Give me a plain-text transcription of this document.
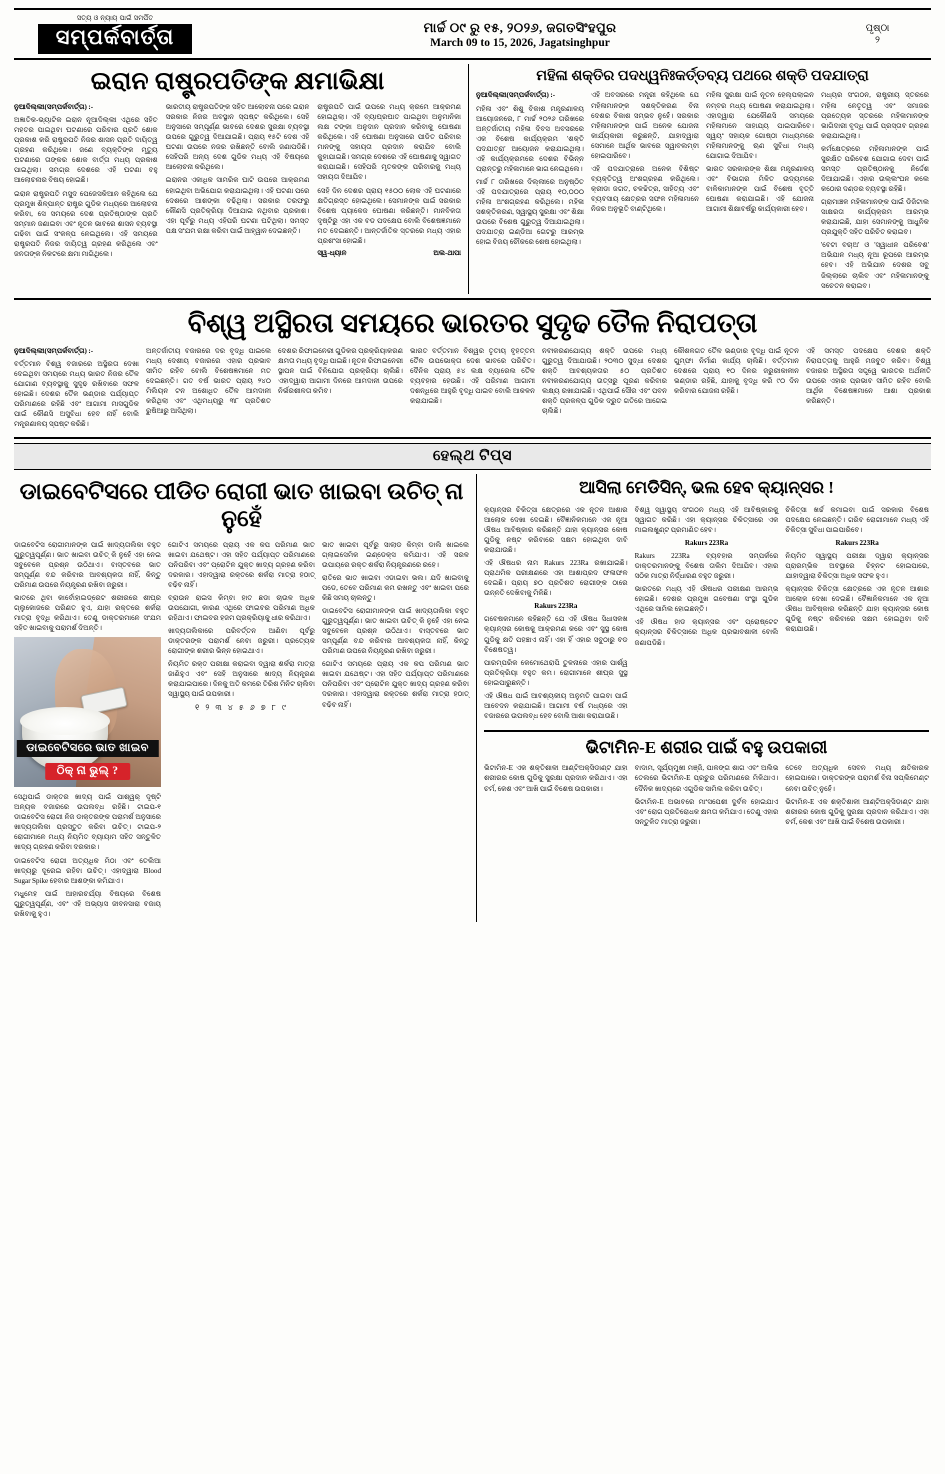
ସତ୍ୟ ଓ ନ୍ୟାୟ ପାଇଁ ସମର୍ପିତ
ସମ୍ପର୍କବାର୍ତ୍ତା	ମାର୍ଚ୍ଚ ୦୯ ରୁ ୧୫, ୨୦୨୬, ଜଗତସିଂହପୁର
March 09 to 15, 2026, Jagatsinghpur
ପୃଷ୍ଠା
୨
ଇରାନ ରାଷ୍ଟ୍ରପତିଙ୍କ କ୍ଷମାଭିକ୍ଷା

ନୁଆଦିଲ୍ଲୀ(ସମ୍ପର୍କବାର୍ତ୍ତା) :-

ଅଜ୍ଞାତିକ-ଭ୍ୟାଟିକ ଇରାନ ନୂଆଦିଲ୍ଲୀ ଏଥିରେ ସହିତ ମହତର ପାଇଥିବା ଘଟଣାରେ ପରିବାର ପ୍ରତି ଶୋକ ପ୍ରକାଶ କରି ରାଷ୍ଟ୍ରପତି ନିଜର ଶାସନ ପ୍ରତି ଦାୟିତ୍ୱ ଗ୍ରହଣ କରିଥିଲେ। ଜଣେ ବ୍ୟକ୍ତିଙ୍କ ମୃତ୍ୟୁ ଘଟଣାରେ ତାଙ୍କର ଶୋକ ବାର୍ତ୍ତା ମଧ୍ୟ ପ୍ରକାଶ ପାଇଥିଲା। ସମଗ୍ର ଦେଶରେ ଏହି ଘଟଣା ବହୁ ଆଲୋଚନାର ବିଷୟ ହୋଇଛି।

ଇରାନ ରାଷ୍ଟ୍ରପତି ମସୁଦ ପେଜେସକିଆନ କହିଥିଲେ ଯେ ପ୍ରମୁଖ ଶିଳ୍ପାନ୍ତ ରାଷ୍ଟ୍ର ଗୁଡିକ ମଧ୍ୟରେ ଆଲୋଚନା କରିବା, ସେ ସମୟରେ ଦେଶ ପ୍ରତିଷ୍ଠାଙ୍କ ପ୍ରତି ସମ୍ମାନ ଜଣାଇବା ଏବଂ ନୂତନ ଭାବରେ ଶାସନ ବ୍ୟବସ୍ଥା ଗଢିବା ପାଇଁ ସଂକଳ୍ପ ନେଇଥିଲେ। ଏହି ସମୟରେ ରାଷ୍ଟ୍ରପତି ନିଜର ଦାୟିତ୍ୱ ଗ୍ରହଣ କରିଥିଲେ ଏବଂ ଜନତାଙ୍କ ନିକଟରେ କ୍ଷମା ମାଗିଥିଲେ।

ଭାରତୀୟ ରାଷ୍ଟ୍ରପତିଙ୍କ ସହିତ ଆଲୋଚନା ପରେ ଇରାନ ସରକାର ନିଜର ଅବସ୍ଥାନ ସ୍ପଷ୍ଟ କରିଥିଲେ। ସେହି ଅନୁସାରେ ସମ୍ପୂର୍ଣ୍ଣ ଭାବରେ ଦେଶର ସୁରକ୍ଷା ବ୍ୟବସ୍ଥା ଉପରେ ଗୁରୁତ୍ୱ ଦିଆଯାଇଛି। ପ୍ରାୟ ୧୫ଟି ଦେଶ ଏହି ଘଟଣା ଉପରେ ନଜର ରଖିଛନ୍ତି ବୋଲି ଜଣାପଡିଛି। ସେହିପରି ଅନ୍ୟ ଦେଶ ଗୁଡିକ ମଧ୍ୟ ଏହି ବିଷୟରେ ଆଲୋଚନା କରିଥିଲେ।

ଇରାନର ଏକାଧିକ ସାମରିକ ଘାଟି ଉପରେ ଆକ୍ରମଣ ହୋଇଥିବା ଅଭିଯୋଗ କରାଯାଇଥିଲା। ଏହି ଘଟଣା ପରେ ଦେଶରେ ଆଶଙ୍କା ବଢିଥିଲା। ସରକାର ତରଫରୁ କୌଣସି ପ୍ରତିକ୍ରିୟା ଦିଆଯାଇ ନଥିବାର ପ୍ରକାଶ। ଏହା ପୂର୍ବରୁ ମଧ୍ୟ ଏହିପରି ଘଟଣା ଘଟିଥିଲା। ସମସ୍ତ ପକ୍ଷ ସଂଯମ ରକ୍ଷା କରିବା ପାଇଁ ଆହ୍ୱାନ ଦେଇଛନ୍ତି।

ରାଷ୍ଟ୍ରପତି ପାଇଁ ଉପରେ ମଧ୍ୟ କ୍ରମେ ଆକ୍ରମଣ ହୋଇଥିଲା। ଏହି ବ୍ୟାଘ୍ରଘାତ ପାଇଥିବା ଅନୁମାନିକା ଲକ୍ଷ ଟଙ୍କା ଅନୁଦାନ ପ୍ରଦାନ କରିବାକୁ ଘୋଷଣା କରିଥିଲେ। ଏହି ଘୋଷଣା ଅନୁସାରେ ପୀଡିତ ପରିବାର ମାନଙ୍କୁ ସହାୟତା ପ୍ରଦାନ କରାଯିବ ବୋଲି କୁହାଯାଇଛି। ସମଗ୍ର ଦେଶରେ ଏହି ଘୋଷଣାକୁ ସ୍ୱାଗତ କରାଯାଇଛି। ସେହିପରି ମୃତକଙ୍କ ପରିବାରକୁ ମଧ୍ୟ ସହାୟତା ଦିଆଯିବ।

ସେହି ଦିନ ଦେଶର ପ୍ରାୟ ୧୫୦୦ ଲୋକ ଏହି ଘଟଣାରେ କ୍ଷତିଗ୍ରସ୍ତ ହୋଇଥିଲେ। ସେମାନଙ୍କ ପାଇଁ ସରକାର ବିଶେଷ ପ୍ୟାକେଜ ଘୋଷଣା କରିଛନ୍ତି। ମାନବିକତା ଦୃଷ୍ଟିରୁ ଏହା ଏକ ବଡ ପଦକ୍ଷେପ ବୋଲି ବିଶେଷଜ୍ଞମାନେ ମତ ଦେଇଛନ୍ତି। ଆନ୍ତର୍ଜାତିକ ସ୍ତରରେ ମଧ୍ୟ ଏହାର ପ୍ରଶଂସା ହୋଇଛି।

ସ୍ୱ-ଧ୍ୟାନ	ଅଲ-ଥାପା
ମହିଳା ଶକ୍ତିର ପଦଧ୍ୱନିଃକର୍ତ୍ତବ୍ୟ ପଥରେ ଶକ୍ତି ପଦଯାତ୍ରା

ନୁଆଦିଲ୍ଲୀ(ସମ୍ପର୍କବାର୍ତ୍ତା) :-

ମହିଳା ଏବଂ ଶିଶୁ ବିକାଶ ମନ୍ତ୍ରଣାଳୟ ଆୟୋଜନରେ, ୮ ମାର୍ଚ୍ଚ ୨୦୨୬ ତାରିଖରେ ଅନ୍ତର୍ଜାତୀୟ ମହିଳା ଦିବସ ଅବସରରେ ଏକ ବିଶେଷ କାର୍ଯ୍ୟକ୍ରମ 'ଶକ୍ତି ପଦଯାତ୍ରା' ଆୟୋଜନ କରାଯାଇଥିଲା। ଏହି କାର୍ଯ୍ୟକ୍ରମରେ ଦେଶର ବିଭିନ୍ନ ପ୍ରାନ୍ତରୁ ମହିଳାମାନେ ଭାଗ ନେଇଥିଲେ।

ମାର୍ଚ୍ଚ ୮ ତାରିଖରେ ଦିଲ୍ଲୀରେ ଅନୁଷ୍ଠିତ ଏହି ପଦଯାତ୍ରାରେ ପ୍ରାୟ ୧୦,୦୦୦ ମହିଳା ଅଂଶଗ୍ରହଣ କରିଥିଲେ। ମହିଳା ସଶକ୍ତିକରଣ, ସ୍ୱାସ୍ଥ୍ୟ ସୁରକ୍ଷା ଏବଂ ଶିକ୍ଷା ଉପରେ ବିଶେଷ ଗୁରୁତ୍ୱ ଦିଆଯାଇଥିଲା। ପଦଯାତ୍ରା ଇଣ୍ଡିଆ ଗେଟରୁ ଆରମ୍ଭ ହୋଇ ବିଜୟ ଚୌକରେ ଶେଷ ହୋଇଥିଲା।

ଏହି ଅବସରରେ ମନ୍ତ୍ରୀ କହିଥିଲେ ଯେ ମହିଳାମାନଙ୍କ ସଶକ୍ତିକରଣ ବିନା ଦେଶର ବିକାଶ ସମ୍ଭବ ନୁହେଁ। ସରକାର ମହିଳାମାନଙ୍କ ପାଇଁ ଅନେକ ଯୋଜନା କାର୍ଯ୍ୟକାରୀ କରୁଛନ୍ତି, ଯାହାଦ୍ୱାରା ସେମାନେ ଆର୍ଥିକ ଭାବରେ ସ୍ୱାବଲମ୍ବୀ ହୋଇପାରିବେ।

ଏହି ପଦଯାତ୍ରାରେ ଅନେକ ବିଶିଷ୍ଟ ବ୍ୟକ୍ତିତ୍ୱ ଅଂଶଗ୍ରହଣ କରିଥିଲେ। କ୍ରୀଡା ଜଗତ, ଚଳଚ୍ଚିତ୍ର, ସାହିତ୍ୟ ଏବଂ ବ୍ୟବସାୟ କ୍ଷେତ୍ରର ସଫଳ ମହିଳାମାନେ ନିଜର ଅନୁଭୂତି ବାଣ୍ଟିଥିଲେ।

ମହିଳା ସୁରକ୍ଷା ପାଇଁ ନୂତନ ହେଲ୍ପଲାଇନ ନମ୍ବର ମଧ୍ୟ ଘୋଷଣା କରାଯାଇଥିଲା। ଏହାଦ୍ୱାରା ଯେକୌଣସି ସମୟରେ ମହିଳାମାନେ ସାହାଯ୍ୟ ପାଇପାରିବେ। ସ୍ୱୟଂ ସହାୟକ ଗୋଷ୍ଠୀ ମାଧ୍ୟମରେ ମହିଳାମାନଙ୍କୁ ଋଣ ସୁବିଧା ମଧ୍ୟ ଯୋଗାଇ ଦିଆଯିବ।

ଭାରତ ସରକାରଙ୍କ ଶିକ୍ଷା ମନ୍ତ୍ରଣାଳୟ ଏବଂ ବିଭାଗର ମିଳିତ ଉଦ୍ୟମରେ ବାଳିକାମାନଙ୍କ ପାଇଁ ବିଶେଷ ବୃତ୍ତି ଘୋଷଣା କରାଯାଇଛି। ଏହି ଯୋଜନା ଆଗାମୀ ଶିକ୍ଷାବର୍ଷରୁ କାର୍ଯ୍ୟକାରୀ ହେବ।

ମଧ୍ୟର ସଂଗଠନ, ରାଷ୍ଟ୍ରୀୟ ସ୍ତରରେ ମହିଳା ନେତୃତ୍ୱ ଏବଂ ସମାଜର ପ୍ରତ୍ୟେକ ସ୍ତରରେ ମହିଳାମାନଙ୍କ ଭାଗିଦାରୀ ବୃଦ୍ଧି ପାଇଁ ପ୍ରସ୍ତାବ ଗ୍ରହଣ କରାଯାଇଥିଲା।

କର୍ମକ୍ଷେତ୍ରରେ ମହିଳାମାନଙ୍କ ପାଇଁ ସୁରକ୍ଷିତ ପରିବେଶ ଯୋଗାଇ ଦେବା ପାଇଁ ସମସ୍ତ ପ୍ରତିଷ୍ଠାନକୁ ନିର୍ଦ୍ଦେଶ ଦିଆଯାଇଛି। ଏହାର ଉଲ୍ଲଂଘନ କଲେ କଠୋର ଦଣ୍ଡର ବ୍ୟବସ୍ଥା ରହିଛି।

ଗ୍ରାମାଞ୍ଚଳ ମହିଳାମାନଙ୍କ ପାଇଁ ଡିଜିଟାଲ ସାକ୍ଷରତା କାର୍ଯ୍ୟକ୍ରମ ଆରମ୍ଭ କରାଯାଇଛି, ଯାହା ସେମାନଙ୍କୁ ଆଧୁନିକ ପ୍ରଯୁକ୍ତି ସହିତ ପରିଚିତ କରାଇବ।

'ବେଟୀ ବଚାଅ' ଓ 'ସ୍ୱାଧୀନ ପରିବେଶ' ଅଭିଯାନ ମଧ୍ୟ ନୂଆ ରୂପରେ ଆରମ୍ଭ ହେବ। ଏହି ଅଭିଯାନ ଦେଶର ସବୁ ଜିଲ୍ଲାରେ ଚାଲିବ ଏବଂ ମହିଳାମାନଙ୍କୁ ସଚେତନ କରାଇବ।

ବିଶ୍ୱ ଅସ୍ଥିରତା ସମୟରେ ଭାରତର ସୁଦୃଢ ତୈଳ ନିରାପତ୍ତା

ନୁଆଦିଲ୍ଲୀ(ସମ୍ପର୍କବାର୍ତ୍ତା) :-

ବର୍ତ୍ତମାନ ବିଶ୍ୱ ବଜାରରେ ଅସ୍ଥିରତା ଦେଖା ଦେଇଥିବା ସମୟରେ ମଧ୍ୟ ଭାରତ ନିଜର ତୈଳ ଯୋଗାଣ ବ୍ୟବସ୍ଥାକୁ ସୁଦୃଢ ରଖିବାରେ ସଫଳ ହୋଇଛି। ଦେଶର ତୈଳ ଭଣ୍ଡାର ପର୍ଯ୍ୟାପ୍ତ ପରିମାଣରେ ରହିଛି ଏବଂ ଆଗାମୀ ମାସଗୁଡିକ ପାଇଁ କୌଣସି ଅସୁବିଧା ହେବ ନାହିଁ ବୋଲି ମନ୍ତ୍ରଣାଳୟ ସ୍ପଷ୍ଟ କରିଛି।

ଅନ୍ତର୍ଜାତୀୟ ବଜାରରେ ଦର ବୃଦ୍ଧି ପାଇଲେ ମଧ୍ୟ ଦେଶୀୟ ବଜାରରେ ଏହାର ପ୍ରଭାବ ସୀମିତ ରହିବ ବୋଲି ବିଶେଷଜ୍ଞମାନେ ମତ ଦେଇଛନ୍ତି। ଗତ ବର୍ଷ ଭାରତ ପ୍ରାୟ ୨୪୦ ମିଲିୟନ ଟନ ଅଶୋଧିତ ତୈଳ ଆମଦାନୀ କରିଥିଲା ଏବଂ ଏଥିମଧ୍ୟରୁ ୩୮ ପ୍ରତିଶତ ରୁଷିଆରୁ ଆସିଥିଲା।

ଦେଶର ରିଫାଇନେରୀ ଗୁଡିକର ପ୍ରକ୍ରିୟାକରଣ କ୍ଷମତା ମଧ୍ୟ ବୃଦ୍ଧି ପାଇଛି। ନୂତନ ରିଫାଇନେରୀ ସ୍ଥାପନ ପାଇଁ ବିନିଯୋଗ ପ୍ରକ୍ରିୟା ଚାଲିଛି। ଏହାଦ୍ୱାରା ଆଗାମୀ ଦିନରେ ଆମଦାନୀ ଉପରେ ନିର୍ଭରଶୀଳତା କମିବ।

ଭାରତ ବର୍ତ୍ତମାନ ବିଶ୍ୱର ତୃତୀୟ ବୃହତ୍ତମ ତୈଳ ଉପଭୋକ୍ତା ଦେଶ ଭାବରେ ପରିଚିତ। ଦୈନିକ ପ୍ରାୟ ୫୪ ଲକ୍ଷ ବ୍ୟାରେଲ ତୈଳ ବ୍ୟବହାର ହେଉଛି। ଏହି ପରିମାଣ ଆଗାମୀ ଦଶନ୍ଧିରେ ଆହୁରି ବୃଦ୍ଧି ପାଇବ ବୋଲି ଆକଳନ କରାଯାଇଛି।

ନବୀକରଣଯୋଗ୍ୟ ଶକ୍ତି ଉପରେ ମଧ୍ୟ ଗୁରୁତ୍ୱ ଦିଆଯାଉଛି। ୨୦୩୦ ସୁଦ୍ଧା ଦେଶର ଶକ୍ତି ଆବଶ୍ୟକତାର ୫୦ ପ୍ରତିଶତ ନବୀକରଣଯୋଗ୍ୟ ଉତ୍ସରୁ ପୂରଣ କରିବାର ଲକ୍ଷ୍ୟ ରଖାଯାଇଛି। ଏଥିପାଇଁ ସୌର ଏବଂ ପବନ ଶକ୍ତି ପ୍ରକଳ୍ପ ଗୁଡିକ ଦ୍ରୁତ ଗତିରେ ଆଗେଇ ଚାଲିଛି।

କୌଶଳଗତ ତୈଳ ଭଣ୍ଡାର ବୃଦ୍ଧି ପାଇଁ ନୂତନ ଗୁମ୍ଫା ନିର୍ମାଣ କାର୍ଯ୍ୟ ଚାଲିଛି। ବର୍ତ୍ତମାନ ଦେଶରେ ପ୍ରାୟ ୧୦ ଦିନର ଜରୁରୀକାଳୀନ ଭଣ୍ଡାର ରହିଛି, ଯାହାକୁ ବୃଦ୍ଧି କରି ୯୦ ଦିନ କରିବାର ଯୋଜନା ରହିଛି।

ଏହି ସମସ୍ତ ପଦକ୍ଷେପ ଦେଶର ଶକ୍ତି ନିରାପତ୍ତାକୁ ଆହୁରି ମଜବୁତ କରିବ। ବିଶ୍ୱ ବଜାରର ଅସ୍ଥିରତା ସତ୍ତ୍ୱେ ଭାରତର ଅର୍ଥନୀତି ଉପରେ ଏହାର ପ୍ରଭାବ ସୀମିତ ରହିବ ବୋଲି ଆର୍ଥିକ ବିଶେଷଜ୍ଞମାନେ ଆଶା ପ୍ରକାଶ କରିଛନ୍ତି।

ହେଲ୍ଥ ଟିପ୍ସ
ଡାଇବେଟିସରେ ପୀଡିତ ରୋଗୀ ଭାତ ଖାଇବା ଉଚିତ୍ ନା ନୁହେଁ

ଡାଇବେଟିସ ରୋଗୀମାନଙ୍କ ପାଇଁ ଖାଦ୍ୟତାଲିକା ବହୁତ ଗୁରୁତ୍ୱପୂର୍ଣ୍ଣ। ଭାତ ଖାଇବା ଉଚିତ୍ କି ନୁହେଁ ଏହା ନେଇ ସବୁବେଳେ ପ୍ରଶ୍ନ ଉଠିଥାଏ। ବାସ୍ତବରେ ଭାତ ସମ୍ପୂର୍ଣ୍ଣ ବନ୍ଦ କରିବାର ଆବଶ୍ୟକତା ନାହିଁ, କିନ୍ତୁ ପରିମାଣ ଉପରେ ନିୟନ୍ତ୍ରଣ ରଖିବା ଜରୁରୀ।

ଭାତରେ ଥିବା କାର୍ବୋହାଇଡ୍ରେଟ ଶରୀରରେ ଶୀଘ୍ର ଗ୍ଲୁକୋଜରେ ପରିଣତ ହୁଏ, ଯାହା ରକ୍ତରେ ଶର୍କରା ମାତ୍ରା ବୃଦ୍ଧି କରିଥାଏ। ତେଣୁ ଡାକ୍ତରମାନେ ସଂଯମ ସହିତ ଖାଇବାକୁ ପରାମର୍ଶ ଦିଅନ୍ତି।

ଡାଇବେଟିସରେ ଭାତ ଖାଇବ
ଠିକ୍ ନା ଭୁଲ୍ ?

ସେଥିପାଇଁ ଡାକ୍ତର ଖାଦ୍ୟ ପାଇଁ ପାଶ୍ୱର୍ ଦୃଷ୍ଟି ଅନ୍ୟକ ବଜାରରେ ଉପଲବ୍ଧ ରହିଛି। ଟାଇପ-୧ ଡାଇବେଟିସ ରୋଗୀ ନିଜ ଡାକ୍ତରଙ୍କ ପରାମର୍ଶ ଅନୁସାରେ ଖାଦ୍ୟତାଲିକା ପ୍ରସ୍ତୁତ କରିବା ଉଚିତ୍। ଟାଇପ-୨ ରୋଗୀମାନେ ମଧ୍ୟ ନିୟମିତ ବ୍ୟାୟାମ ସହିତ ସନ୍ତୁଳିତ ଖାଦ୍ୟ ଗ୍ରହଣ କରିବା ଦରକାର।

ଡାଇବେଟିସ ରୋଗୀ ଅତ୍ୟଧିକ ମିଠା ଏବଂ ତେଲିଆ ଖାଦ୍ୟରୁ ଦୂରେଇ ରହିବା ଉଚିତ୍। ଏହାଦ୍ୱାରା Blood Sugar Spike ହେବାର ଆଶଙ୍କା କମିଯାଏ।

ମଧୁମେହ ପାଇଁ ଆହାରଚର୍ଯ୍ୟା ବିଷୟରେ ବିଶେଷ ଗୁରୁତ୍ୱପୂର୍ଣ୍ଣ, ଏବଂ ଏହି ଅଭ୍ୟାସ ଜୀବନସାରା ବଜାୟ ରଖିବାକୁ ହୁଏ।

ଗୋଟିଏ ସମୟରେ ପ୍ରାୟ ଏକ କପ ପରିମାଣ ଭାତ ଖାଇବା ଯଥେଷ୍ଟ। ଏହା ସହିତ ପର୍ଯ୍ୟାପ୍ତ ପରିମାଣରେ ପନିପରିବା ଏବଂ ପ୍ରୋଟିନ ଯୁକ୍ତ ଖାଦ୍ୟ ଗ୍ରହଣ କରିବା ଦରକାର। ଏହାଦ୍ୱାରା ରକ୍ତରେ ଶର୍କରା ମାତ୍ରା ହଠାତ୍ ବଢିବ ନାହିଁ।

ବ୍ରାଉନ ରାଇସ କିମ୍ବା ହାତ ଛଡା ଚାଉଳ ଅଧିକ ଉପଯୋଗୀ, କାରଣ ଏଥିରେ ଫାଇବର ପରିମାଣ ଅଧିକ ରହିଥାଏ। ଫାଇବର ହଜମ ପ୍ରକ୍ରିୟାକୁ ଧୀର କରିଥାଏ।

ଖାଦ୍ୟତାଲିକାରେ ପରିବର୍ତ୍ତନ ଆଣିବା ପୂର୍ବରୁ ଡାକ୍ତରଙ୍କ ପରାମର୍ଶ ନେବା ଜରୁରୀ। ପ୍ରତ୍ୟେକ ରୋଗୀଙ୍କ ଶରୀର ଭିନ୍ନ ହୋଇଥାଏ।

ନିୟମିତ ରକ୍ତ ପରୀକ୍ଷା କରାଇବା ଦ୍ୱାରା ଶର୍କରା ମାତ୍ରା ଜାଣିହୁଏ ଏବଂ ସେହି ଅନୁସାରେ ଖାଦ୍ୟ ନିୟନ୍ତ୍ରଣ କରାଯାଇପାରେ। ଦିନକୁ ଅତି କମରେ ତିରିଶ ମିନିଟ ଚାଲିବା ସ୍ୱାସ୍ଥ୍ୟ ପାଇଁ ଉପକାରୀ।

୧ ୨ ୩ ୪ ୫ ୬ ୭ ୮ ୯

ଭାତ ଖାଇବା ପୂର୍ବରୁ ସାଲାଡ କିମ୍ବା ଡାଲି ଖାଇଲେ ଗ୍ଲାଇସେମିକ ଇଣ୍ଡେକ୍ସ କମିଯାଏ। ଏହି ସରଳ ଉପାୟରେ ରକ୍ତ ଶର୍କରା ନିୟନ୍ତ୍ରଣରେ ରହେ।

ରାତିରେ ଭାତ ଖାଇବା ଏଡାଇବା ଭଲ। ଯଦି ଖାଇବାକୁ ପଡେ, ତେବେ ପରିମାଣ କମ ରଖନ୍ତୁ ଏବଂ ଖାଇବା ପରେ କିଛି ସମୟ ଚାଲନ୍ତୁ।

ଡାଇବେଟିସ ରୋଗୀମାନଙ୍କ ପାଇଁ ଖାଦ୍ୟତାଲିକା ବହୁତ ଗୁରୁତ୍ୱପୂର୍ଣ୍ଣ। ଭାତ ଖାଇବା ଉଚିତ୍ କି ନୁହେଁ ଏହା ନେଇ ସବୁବେଳେ ପ୍ରଶ୍ନ ଉଠିଥାଏ। ବାସ୍ତବରେ ଭାତ ସମ୍ପୂର୍ଣ୍ଣ ବନ୍ଦ କରିବାର ଆବଶ୍ୟକତା ନାହିଁ, କିନ୍ତୁ ପରିମାଣ ଉପରେ ନିୟନ୍ତ୍ରଣ ରଖିବା ଜରୁରୀ।

ଗୋଟିଏ ସମୟରେ ପ୍ରାୟ ଏକ କପ ପରିମାଣ ଭାତ ଖାଇବା ଯଥେଷ୍ଟ। ଏହା ସହିତ ପର୍ଯ୍ୟାପ୍ତ ପରିମାଣରେ ପନିପରିବା ଏବଂ ପ୍ରୋଟିନ ଯୁକ୍ତ ଖାଦ୍ୟ ଗ୍ରହଣ କରିବା ଦରକାର। ଏହାଦ୍ୱାରା ରକ୍ତରେ ଶର୍କରା ମାତ୍ରା ହଠାତ୍ ବଢିବ ନାହିଁ।

ଆସିଲା ମେଡିସିନ୍, ଭଲ ହେବ କ୍ୟାନ୍ସର !

କ୍ୟାନ୍ସର ଚିକିତ୍ସା କ୍ଷେତ୍ରରେ ଏକ ନୂତନ ଆଶାର ଆଲୋକ ଦେଖା ଦେଇଛି। ବୈଜ୍ଞାନିକମାନେ ଏକ ନୂଆ ଔଷଧ ଆବିଷ୍କାର କରିଛନ୍ତି ଯାହା କ୍ୟାନ୍ସର କୋଷ ଗୁଡିକୁ ନଷ୍ଟ କରିବାରେ ସକ୍ଷମ ହୋଇଥିବା ଦାବି କରାଯାଉଛି।

ଏହି ଔଷଧର ନାମ Rakurs 223Ra ରଖାଯାଇଛି। ପ୍ରାଥମିକ ପରୀକ୍ଷଣରେ ଏହା ଆଶାପ୍ରଦ ଫଳାଫଳ ଦେଇଛି। ପ୍ରାୟ ୭୦ ପ୍ରତିଶତ ରୋଗୀଙ୍କ ଠାରେ ଉନ୍ନତି ଦେଖିବାକୁ ମିଳିଛି।

Rakurs 223Ra

ଗବେଷକମାନେ କହିଛନ୍ତି ଯେ ଏହି ଔଷଧ ସିଧାସଳଖ କ୍ୟାନ୍ସର କୋଷକୁ ଆକ୍ରମଣ କରେ ଏବଂ ସୁସ୍ଥ କୋଷ ଗୁଡିକୁ କ୍ଷତି ପହଞ୍ଚାଏ ନାହିଁ। ଏହା ହିଁ ଏହାର ସବୁଠାରୁ ବଡ ବିଶେଷତ୍ୱ।

ପାରମ୍ପରିକ କେମୋଥେରାପି ତୁଳନାରେ ଏହାର ପାର୍ଶ୍ୱ ପ୍ରତିକ୍ରିୟା ବହୁତ କମ। ରୋଗୀମାନେ ଶୀଘ୍ର ସୁସ୍ଥ ହୋଇପାରୁଛନ୍ତି।

ଏହି ଔଷଧ ପାଇଁ ଆବଶ୍ୟକୀୟ ଅନୁମତି ପାଇବା ପାଇଁ ଆବେଦନ କରାଯାଇଛି। ଆଗାମୀ ବର୍ଷ ମଧ୍ୟରେ ଏହା ବଜାରରେ ଉପଲବ୍ଧ ହେବ ବୋଲି ଆଶା କରାଯାଉଛି।

ବିଶ୍ୱ ସ୍ୱାସ୍ଥ୍ୟ ସଂଗଠନ ମଧ୍ୟ ଏହି ଆବିଷ୍କାରକୁ ସ୍ୱାଗତ କରିଛି। ଏହା କ୍ୟାନ୍ସର ଚିକିତ୍ସାରେ ଏକ ମାଇଲଖୁଣ୍ଟ ପ୍ରମାଣିତ ହେବ।

Rakurs 223Ra

Rakurs 223Ra ବ୍ୟବହାର ସମ୍ପର୍କରେ ଡାକ୍ତରମାନଙ୍କୁ ବିଶେଷ ତାଲିମ ଦିଆଯିବ। ଏହାର ସଠିକ ମାତ୍ରା ନିର୍ଦ୍ଧାରଣ ବହୁତ ଜରୁରୀ।

ଭାରତରେ ମଧ୍ୟ ଏହି ଔଷଧର ପରୀକ୍ଷଣ ଆରମ୍ଭ ହୋଇଛି। ଦେଶର ପ୍ରମୁଖ ଗବେଷଣା ସଂସ୍ଥା ଗୁଡିକ ଏଥିରେ ସାମିଲ ହୋଇଛନ୍ତି।

ଏହି ଔଷଧ ହାଡ କ୍ୟାନ୍ସର ଏବଂ ପ୍ରୋଷ୍ଟେଟ କ୍ୟାନ୍ସର ଚିକିତ୍ସାରେ ଅଧିକ ପ୍ରଭାବଶାଳୀ ବୋଲି ଜଣାପଡିଛି।

ଚିକିତ୍ସା ଖର୍ଚ୍ଚ କମାଇବା ପାଇଁ ସରକାର ବିଶେଷ ପଦକ୍ଷେପ ନେଇଛନ୍ତି। ଗରିବ ରୋଗୀମାନେ ମଧ୍ୟ ଏହି ଚିକିତ୍ସା ସୁବିଧା ପାଇପାରିବେ।

Rakurs 223Ra

ନିୟମିତ ସ୍ୱାସ୍ଥ୍ୟ ପରୀକ୍ଷା ଦ୍ୱାରା କ୍ୟାନ୍ସର ପ୍ରାରମ୍ଭିକ ଅବସ୍ଥାରେ ଚିହ୍ନଟ ହୋଇପାରେ, ଯାହାଦ୍ୱାରା ଚିକିତ୍ସା ଅଧିକ ସଫଳ ହୁଏ।

କ୍ୟାନ୍ସର ଚିକିତ୍ସା କ୍ଷେତ୍ରରେ ଏକ ନୂତନ ଆଶାର ଆଲୋକ ଦେଖା ଦେଇଛି। ବୈଜ୍ଞାନିକମାନେ ଏକ ନୂଆ ଔଷଧ ଆବିଷ୍କାର କରିଛନ୍ତି ଯାହା କ୍ୟାନ୍ସର କୋଷ ଗୁଡିକୁ ନଷ୍ଟ କରିବାରେ ସକ୍ଷମ ହୋଇଥିବା ଦାବି କରାଯାଉଛି।

ଭିଟାମିନ-E ଶରୀର ପାଇଁ ବହୁ ଉପକାରୀ

ଭିଟାମିନ-E ଏକ ଶକ୍ତିଶାଳୀ ଆଣ୍ଟିଅକ୍ସିଡାଣ୍ଟ ଯାହା ଶରୀରର କୋଷ ଗୁଡିକୁ ସୁରକ୍ଷା ପ୍ରଦାନ କରିଥାଏ। ଏହା ଚର୍ମ, କେଶ ଏବଂ ଆଖି ପାଇଁ ବିଶେଷ ଉପକାରୀ।

ବାଦାମ, ସୂର୍ଯ୍ୟମୁଖୀ ମଞ୍ଜି, ପାଳଙ୍ଗ ଶାଗ ଏବଂ ଅଲିଭ ତେଲରେ ଭିଟାମିନ-E ପ୍ରଚୁର ପରିମାଣରେ ମିଳିଥାଏ। ଦୈନିକ ଖାଦ୍ୟରେ ଏଗୁଡିକ ସାମିଲ କରିବା ଉଚିତ୍।

ଭିଟାମିନ-E ଅଭାବରେ ମାଂସପେଶୀ ଦୁର୍ବଳ ହୋଇଯାଏ ଏବଂ ରୋଗ ପ୍ରତିରୋଧକ କ୍ଷମତା କମିଯାଏ। ତେଣୁ ଏହାର ସନ୍ତୁଳିତ ମାତ୍ରା ଜରୁରୀ।

ତେବେ ଅତ୍ୟଧିକ ସେବନ ମଧ୍ୟ କ୍ଷତିକାରକ ହୋଇପାରେ। ଡାକ୍ତରଙ୍କ ପରାମର୍ଶ ବିନା ସପ୍ଲିମେଣ୍ଟ ନେବା ଉଚିତ୍ ନୁହେଁ।

ଭିଟାମିନ-E ଏକ ଶକ୍ତିଶାଳୀ ଆଣ୍ଟିଅକ୍ସିଡାଣ୍ଟ ଯାହା ଶରୀରର କୋଷ ଗୁଡିକୁ ସୁରକ୍ଷା ପ୍ରଦାନ କରିଥାଏ। ଏହା ଚର୍ମ, କେଶ ଏବଂ ଆଖି ପାଇଁ ବିଶେଷ ଉପକାରୀ।
